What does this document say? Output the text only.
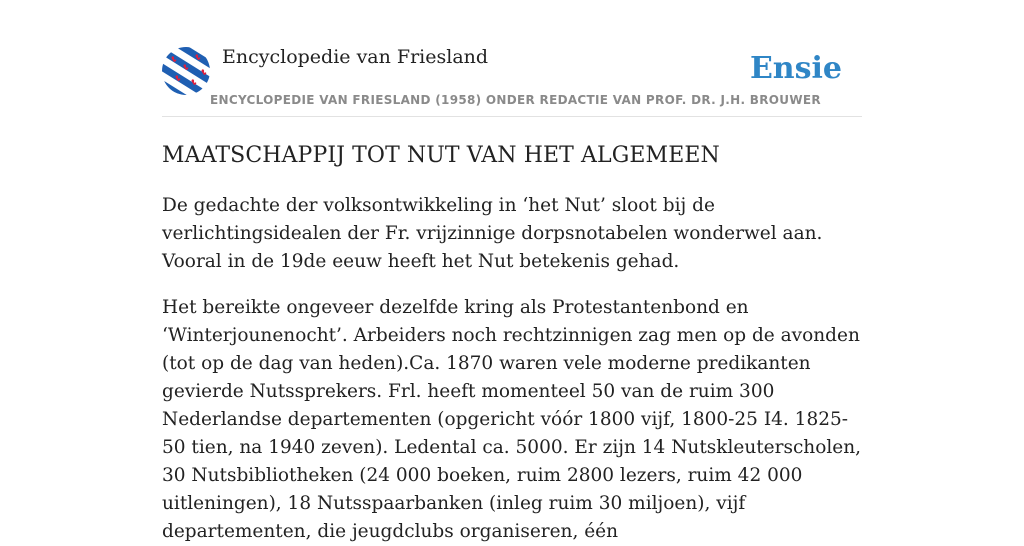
Encyclopedie van Friesland	Ensie
ENCYCLOPEDIE VAN FRIESLAND (1958) ONDER REDACTIE VAN PROF. DR. J.H. BROUWER
MAATSCHAPPIJ TOT NUT VAN HET ALGEMEEN

De gedachte der volksontwikkeling in ‘het Nut’ sloot bij de verlichtingsidealen der Fr. vrijzinnige dorpsnotabelen wonderwel aan. Vooral in de 19de eeuw heeft het Nut betekenis gehad.

Het bereikte ongeveer dezelfde kring als Protestantenbond en ‘Winterjounenocht’. Arbeiders noch rechtzinnigen zag men op de avonden (tot op de dag van heden).Ca. 1870 waren vele moderne predikanten gevierde Nutssprekers. Frl. heeft momenteel 50 van de ruim 300 Nederlandse departementen (opgericht vóór 1800 vijf, 1800-25 I4. 1825-50 tien, na 1940 zeven). Ledental ca. 5000. Er zijn 14 Nutskleuterscholen, 30 Nutsbibliotheken (24 000 boeken, ruim 2800 lezers, ruim 42 000 uitleningen), 18 Nutsspaarbanken (inleg ruim 30 miljoen), vijf departementen, die jeugdclubs organiseren, één
